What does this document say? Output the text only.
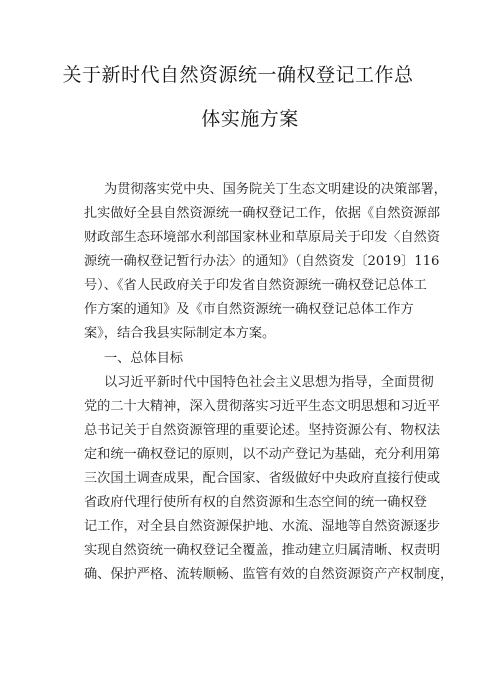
关于新时代自然资源统一确权登记工作总
体实施方案
为贯彻落实党中央、国务院关丁生态文明建设的决策部署，
扎实做好全县自然资源统一确权登记工作，依据《自然资源部
财政部生态环境部水利部国家林业和草原局关于印发〈自然资
源统一确权登记暂行办法〉的通知》（自然资发〔2019〕116
号）、《省人民政府关于印发省自然资源统一确权登记总体工
作方案的通知》及《市自然资源统一确权登记总体工作方
案》，结合我县实际制定本方案。
一、总体目标
以习近平新时代中国特色社会主义思想为指导，全面贯彻
党的二十大精神，深入贯彻落实习近平生态文明思想和习近平
总书记关于自然资源管理的重要论述。坚持资源公有、物权法
定和统一确权登记的原则，以不动产登记为基础，充分利用第
三次国土调查成果，配合国家、省级做好中央政府直接行使或
省政府代理行使所有权的自然资源和生态空间的统一确权登
记工作，对全县自然资源保护地、水流、湿地等自然资源逐步
实现自然资统一确权登记全覆盖，推动建立归属清晰、权责明
确、保护严格、流转顺畅、监管有效的自然资源资产产权制度，
